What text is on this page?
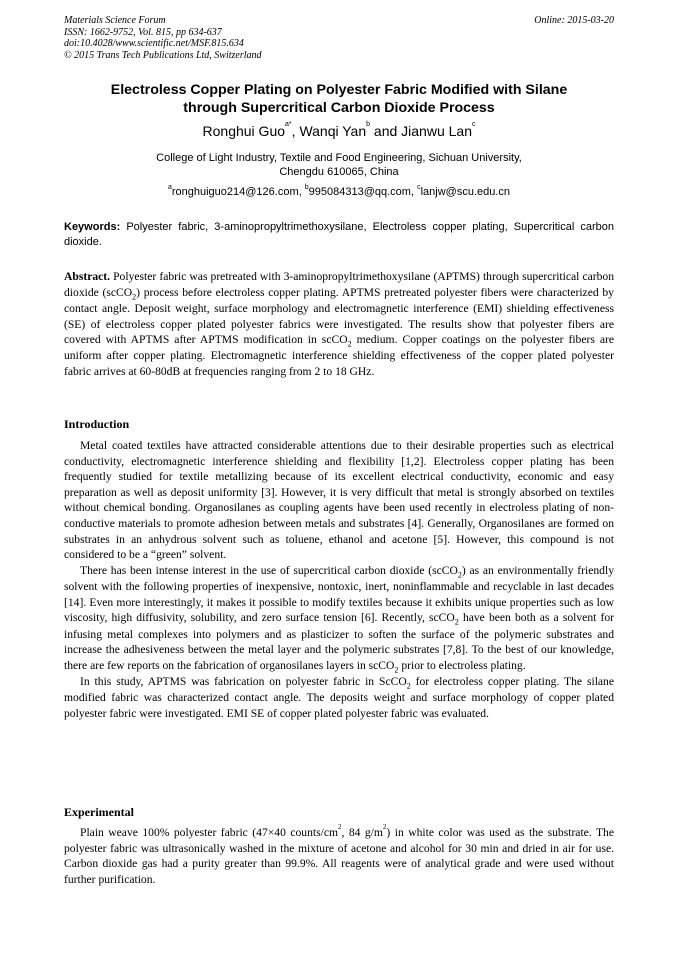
Materials Science Forum
ISSN: 1662-9752, Vol. 815, pp 634-637
doi:10.4028/www.scientific.net/MSF.815.634
© 2015 Trans Tech Publications Ltd, Switzerland
Online: 2015-03-20
Electroless Copper Plating on Polyester Fabric Modified with Silane
through Supercritical Carbon Dioxide Process
Ronghui Guo$^{a*}$, Wanqi Yan$^b$ and Jianwu Lan$^c$
College of Light Industry, Textile and Food Engineering, Sichuan University,
Chengdu 610065, China
$^a$ronghuiguo214@126.com, $^b$995084313@qq.com, $^c$lanjw@scu.edu.cn
Keywords: Polyester fabric, 3-aminopropyltrimethoxysilane, Electroless copper plating, Supercritical carbon dioxide.

Abstract. Polyester fabric was pretreated with 3-aminopropyltrimethoxysilane (APTMS) through supercritical carbon dioxide (scCO$_2$) process before electroless copper plating. APTMS pretreated polyester fibers were characterized by contact angle. Deposit weight, surface morphology and electromagnetic interference (EMI) shielding effectiveness (SE) of electroless copper plated polyester fabrics were investigated. The results show that polyester fibers are covered with APTMS after APTMS modification in scCO$_2$ medium. Copper coatings on the polyester fibers are uniform after copper plating. Electromagnetic interference shielding effectiveness of the copper plated polyester fabric arrives at 60-80dB at frequencies ranging from 2 to 18 GHz.

Introduction

Metal coated textiles have attracted considerable attentions due to their desirable properties such as electrical conductivity, electromagnetic interference shielding and flexibility [1,2]. Electroless copper plating has been frequently studied for textile metallizing because of its excellent electrical conductivity, economic and easy preparation as well as deposit uniformity [3]. However, it is very difficult that metal is strongly absorbed on textiles without chemical bonding. Organosilanes as coupling agents have been used recently in electroless plating of non-conductive materials to promote adhesion between metals and substrates [4]. Generally, Organosilanes are formed on substrates in an anhydrous solvent such as toluene, ethanol and acetone [5]. However, this compound is not considered to be a “green” solvent.

There has been intense interest in the use of supercritical carbon dioxide (scCO$_2$) as an environmentally friendly solvent with the following properties of inexpensive, nontoxic, inert, noninflammable and recyclable in last decades [14]. Even more interestingly, it makes it possible to modify textiles because it exhibits unique properties such as low viscosity, high diffusivity, solubility, and zero surface tension [6]. Recently, scCO$_2$ have been both as a solvent for infusing metal complexes into polymers and as plasticizer to soften the surface of the polymeric substrates and increase the adhesiveness between the metal layer and the polymeric substrates [7,8]. To the best of our knowledge, there are few reports on the fabrication of organosilanes layers in scCO$_2$ prior to electroless plating.

In this study, APTMS was fabrication on polyester fabric in ScCO$_2$ for electroless copper plating. The silane modified fabric was characterized contact angle. The deposits weight and surface morphology of copper plated polyester fabric were investigated. EMI SE of copper plated polyester fabric was evaluated.

Experimental

Plain weave 100% polyester fabric (47×40 counts/$cm^2$, 84 $g/m^2$) in white color was used as the substrate. The polyester fabric was ultrasonically washed in the mixture of acetone and alcohol for 30 min and dried in air for use. Carbon dioxide gas had a purity greater than 99.9%. All reagents were of analytical grade and were used without further purification.
